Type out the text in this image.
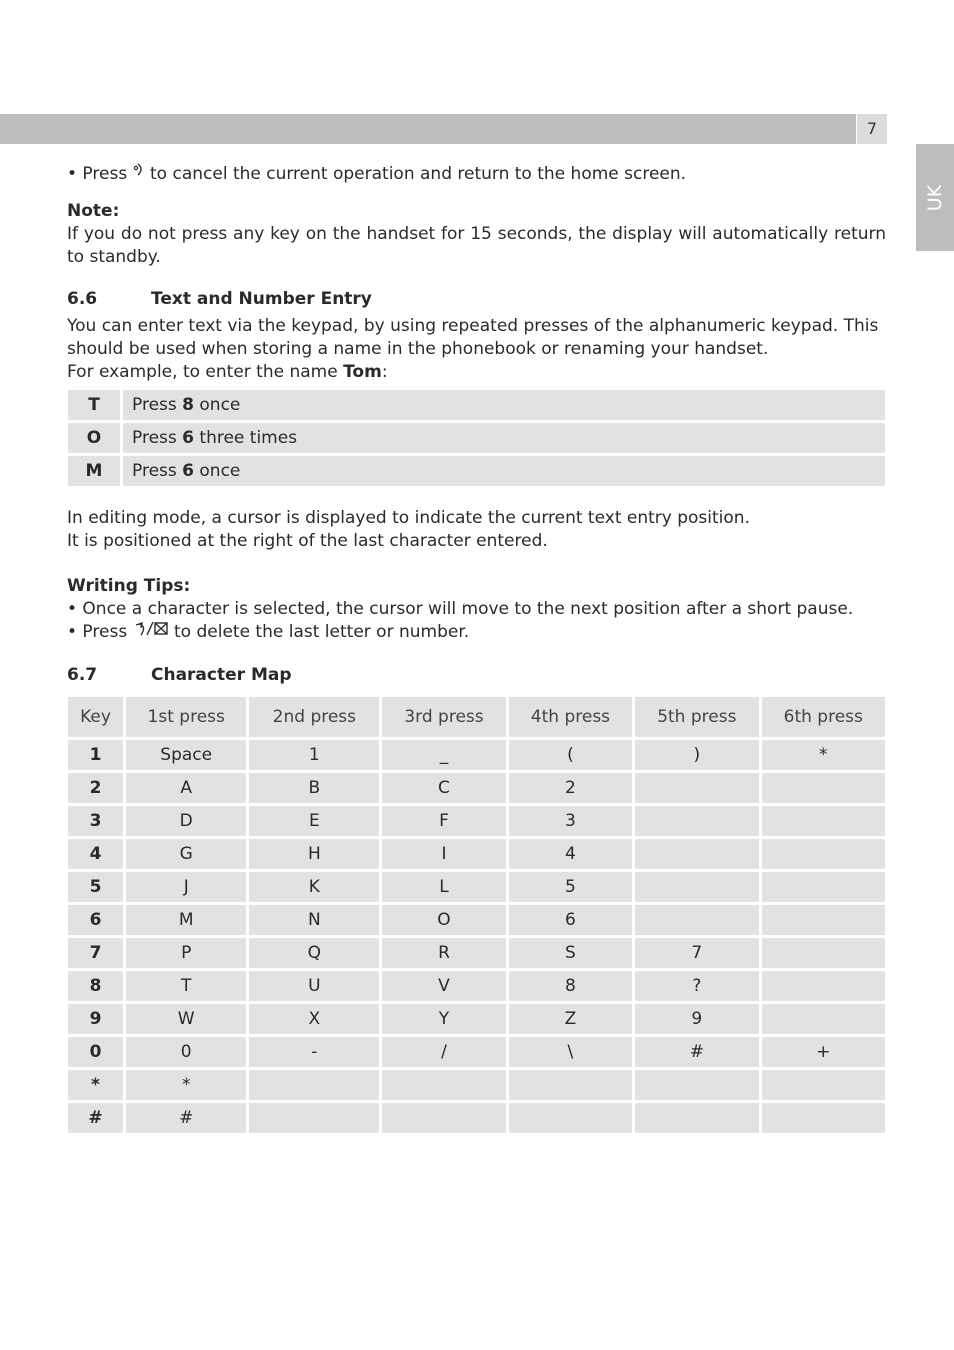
7
UK

• Press to cancel the current operation and return to the home screen.

Note:

If you do not press any key on the handset for 15 seconds, the display will automatically return to standby.

6.6	Text and Number Entry

You can enter text via the keypad, by using repeated presses of the alphanumeric keypad. This should be used when storing a name in the phonebook or renaming your handset.

For example, to enter the name Tom:

T	Press 8 once
O	Press 6 three times
M	Press 6 once

In editing mode, a cursor is displayed to indicate the current text entry position.

It is positioned at the right of the last character entered.

Writing Tips:

• Once a character is selected, the cursor will move to the next position after a short pause.

• Press	to delete the last letter or number.

6.7	Character Map
Key	1st press	2nd press	3rd press	4th press	5th press	6th press
1	Space	1	_	(	)	*
2	A	B	C	2		
3	D	E	F	3		
4	G	H	I	4		
5	J	K	L	5		
6	M	N	O	6		
7	P	Q	R	S	7	
8	T	U	V	8	?	
9	W	X	Y	Z	9	
0	0	-	/	\	#	+
*	*					
#	#					
